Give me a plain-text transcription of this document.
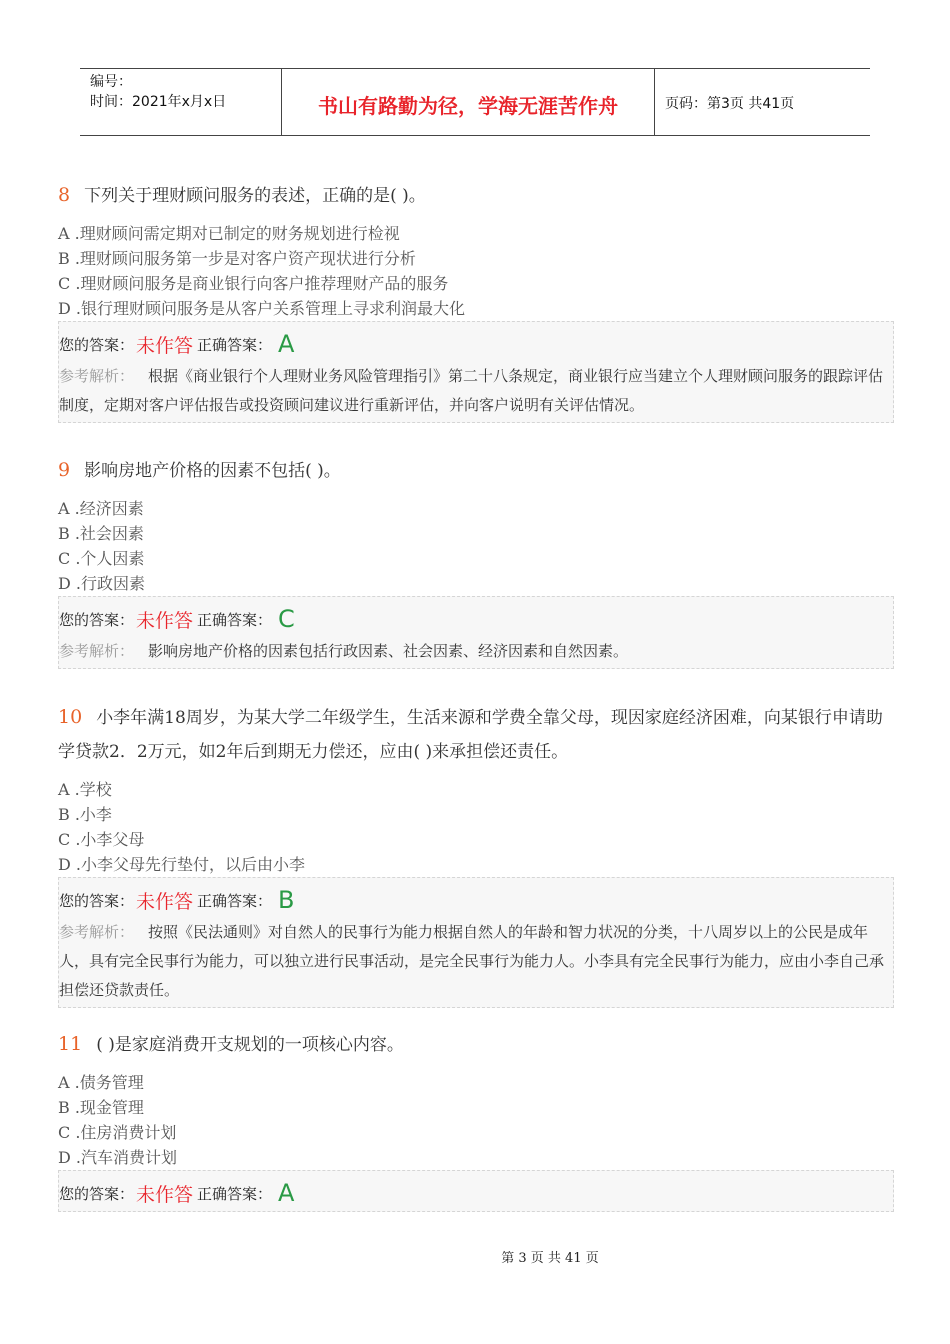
编号：
时间：2021年x月x日	书山有路勤为径，学海无涯苦作舟	页码：第3页 共41页
8 下列关于理财顾问服务的表述，正确的是( )。
A .理财顾问需定期对已制定的财务规划进行检视
B .理财顾问服务第一步是对客户资产现状进行分析
C .理财顾问服务是商业银行向客户推荐理财产品的服务
D .银行理财顾问服务是从客户关系管理上寻求利润最大化
您的答案： 未作答 正确答案： A
参考解析： 根据《商业银行个人理财业务风险管理指引》第二十八条规定，商业银行应当建立个人理财顾问服务的跟踪评估制度，定期对客户评估报告或投资顾问建议进行重新评估，并向客户说明有关评估情况。
9 影响房地产价格的因素不包括( )。
A .经济因素
B .社会因素
C .个人因素
D .行政因素
您的答案： 未作答 正确答案： C
参考解析： 影响房地产价格的因素包括行政因素、社会因素、经济因素和自然因素。
10 小李年满18周岁，为某大学二年级学生，生活来源和学费全靠父母，现因家庭经济困难，向某银行申请助学贷款2．2万元，如2年后到期无力偿还，应由( )来承担偿还责任。
A .学校
B .小李
C .小李父母
D .小李父母先行垫付，以后由小李
您的答案： 未作答 正确答案： B
参考解析： 按照《民法通则》对自然人的民事行为能力根据自然人的年龄和智力状况的分类，十八周岁以上的公民是成年人，具有完全民事行为能力，可以独立进行民事活动，是完全民事行为能力人。小李具有完全民事行为能力，应由小李自己承担偿还贷款责任。
11 ( )是家庭消费开支规划的一项核心内容。
A .债务管理
B .现金管理
C .住房消费计划
D .汽车消费计划
您的答案： 未作答 正确答案： A
第 3 页 共 41 页
